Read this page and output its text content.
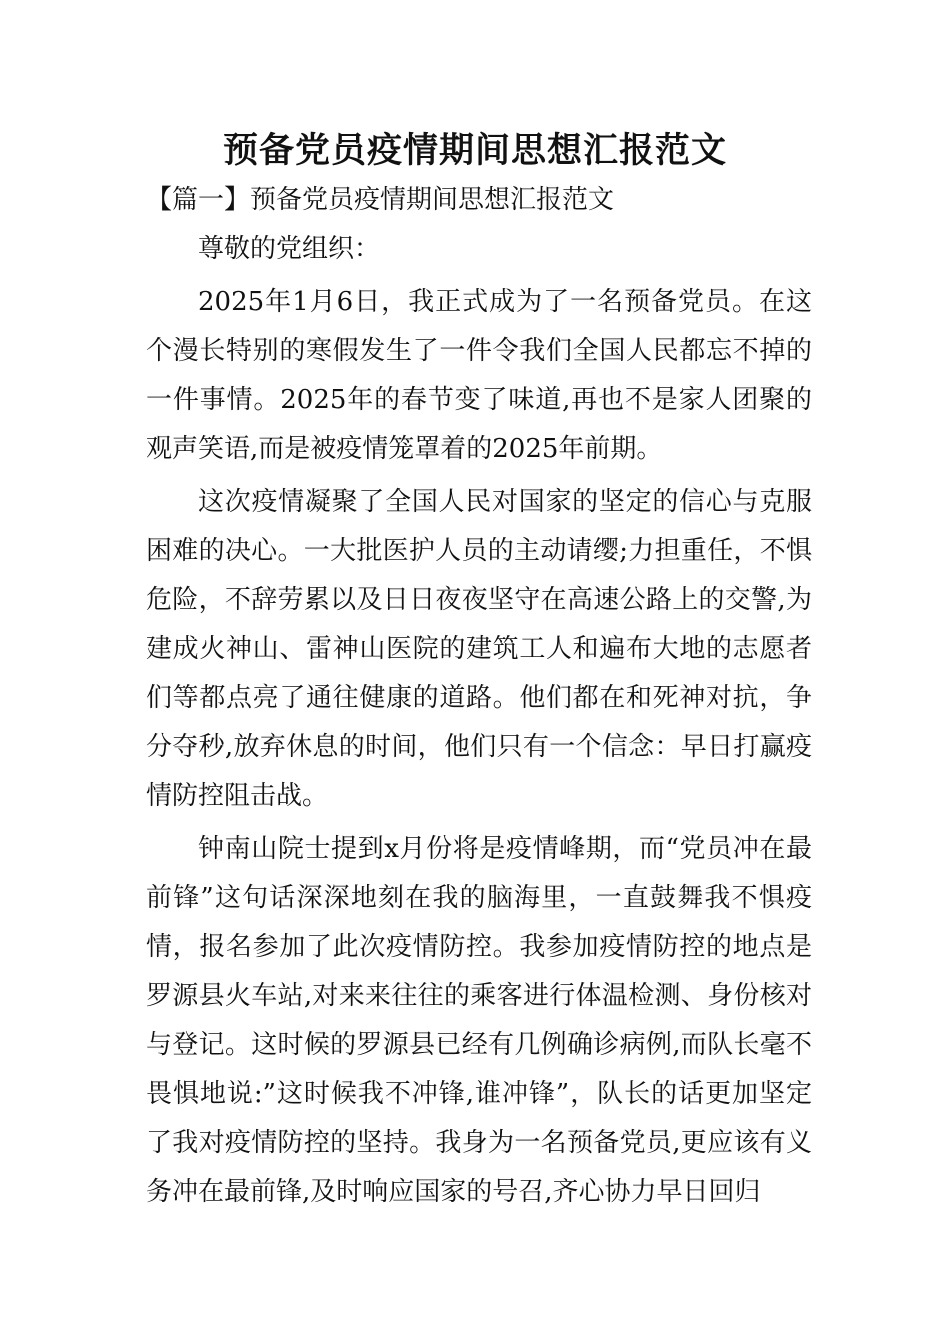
预备党员疫情期间思想汇报范文

【篇一】预备党员疫情期间思想汇报范文

尊敬的党组织：

2025年1月6日，我正式成为了一名预备党员。在这个漫长特别的寒假发生了一件令我们全国人民都忘不掉的一件事情。2025年的春节变了味道,再也不是家人团聚的观声笑语,而是被疫情笼罩着的2025年前期。

这次疫情凝聚了全国人民对国家的坚定的信心与克服困难的决心。一大批医护人员的主动请缨;力担重任，不惧危险，不辞劳累以及日日夜夜坚守在高速公路上的交警,为建成火神山、雷神山医院的建筑工人和遍布大地的志愿者们等都点亮了通往健康的道路。他们都在和死神对抗，争分夺秒,放弃休息的时间，他们只有一个信念：早日打赢疫情防控阻击战。

钟南山院士提到x月份将是疫情峰期，而“党员冲在最前锋”这句话深深地刻在我的脑海里，一直鼓舞我不惧疫情，报名参加了此次疫情防控。我参加疫情防控的地点是罗源县火车站,对来来往往的乘客进行体温检测、身份核对与登记。这时候的罗源县已经有几例确诊病例,而队长毫不畏惧地说:”这时候我不冲锋,谁冲锋”，队长的话更加坚定了我对疫情防控的坚持。我身为一名预备党员,更应该有义务冲在最前锋,及时响应国家的号召,齐心协力早日回归
